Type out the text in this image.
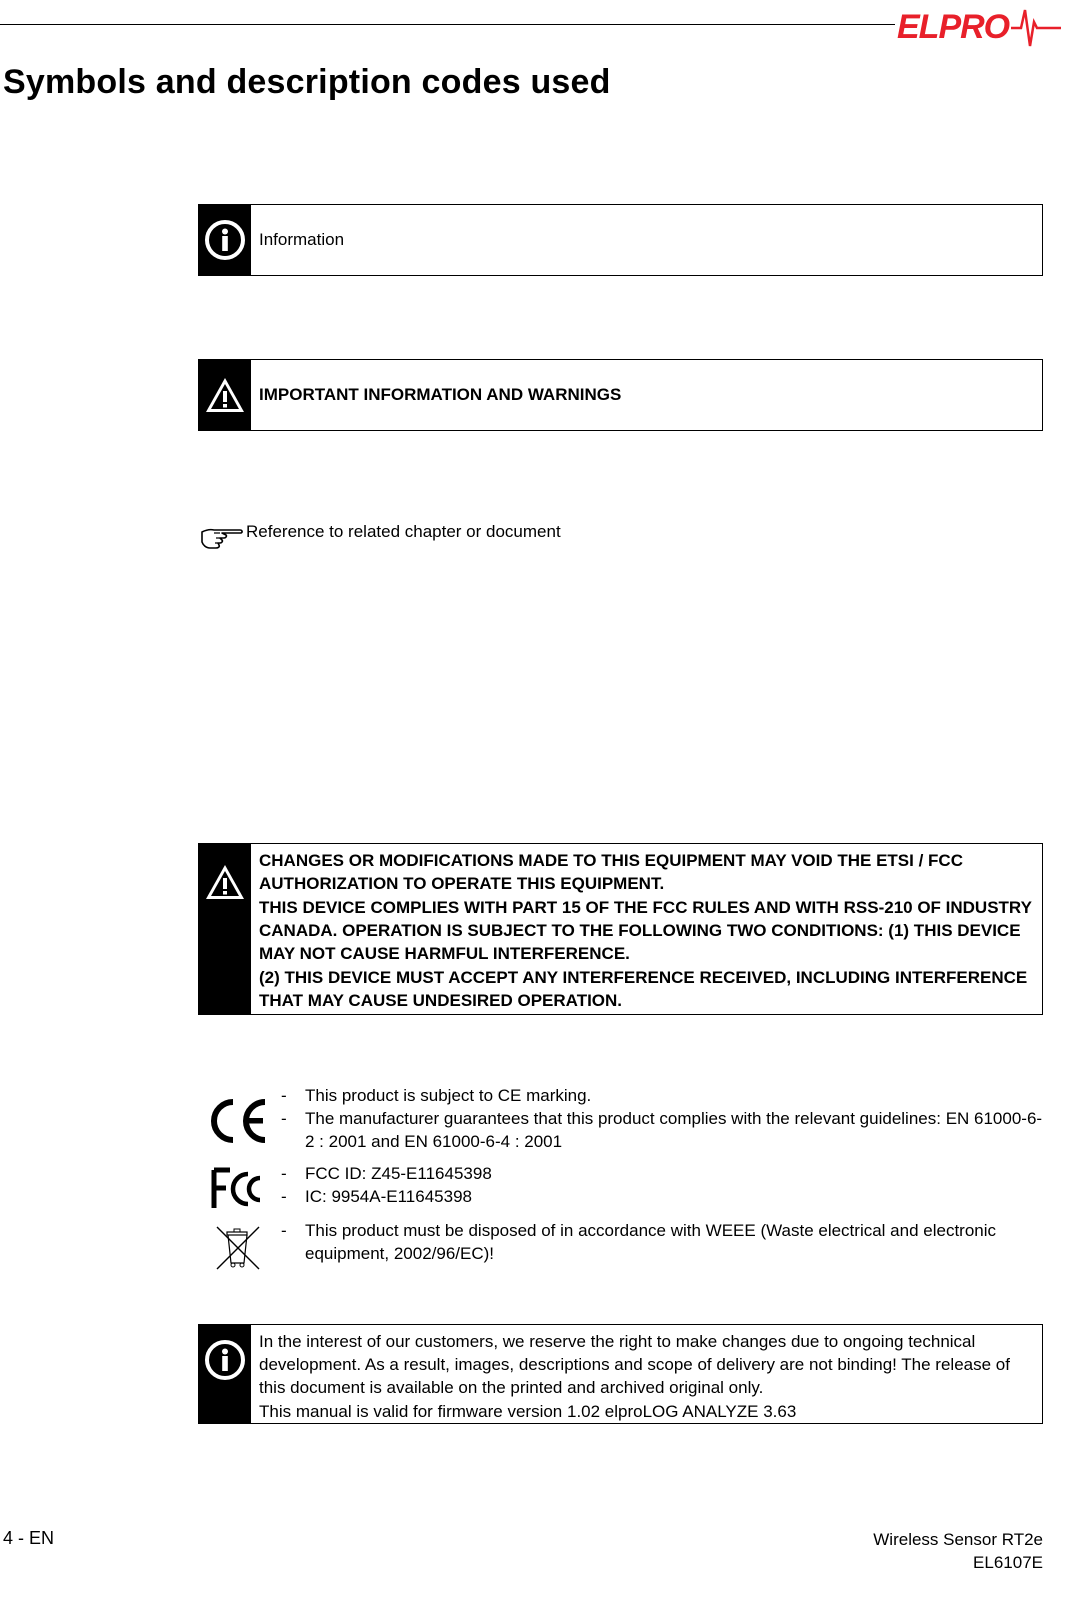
ELPRO
Symbols and description codes used
Information
IMPORTANT INFORMATION AND WARNINGS
Reference to related chapter or document

CHANGES OR MODIFICATIONS MADE TO THIS EQUIPMENT MAY VOID THE ETSI / FCC AUTHORIZATION TO OPERATE THIS EQUIPMENT.

THIS DEVICE COMPLIES WITH PART 15 OF THE FCC RULES AND WITH RSS-210 OF INDUSTRY CANADA. OPERATION IS SUBJECT TO THE FOLLOWING TWO CONDITIONS: (1) THIS DEVICE MAY NOT CAUSE HARMFUL INTERFERENCE.

(2) THIS DEVICE MUST ACCEPT ANY INTERFERENCE RECEIVED, INCLUDING INTERFERENCE THAT MAY CAUSE UNDESIRED OPERATION.

-	This product is subject to CE marking.
-	The manufacturer guarantees that this product complies with the relevant guidelines: EN 61000-6-2 : 2001 and EN 61000-6-4 : 2001
-	FCC ID: Z45-E11645398
-	IC: 9954A-E11645398
-	This product must be disposed of in accordance with WEEE (Waste electrical and electronic equipment, 2002/96/EC)!

In the interest of our customers, we reserve the right to make changes due to ongoing technical development. As a result, images, descriptions and scope of delivery are not binding! The release of this document is available on the printed and archived original only.

This manual is valid for firmware version 1.02 elproLOG ANALYZE 3.63

4 - EN	Wireless Sensor RT2e
EL6107E
